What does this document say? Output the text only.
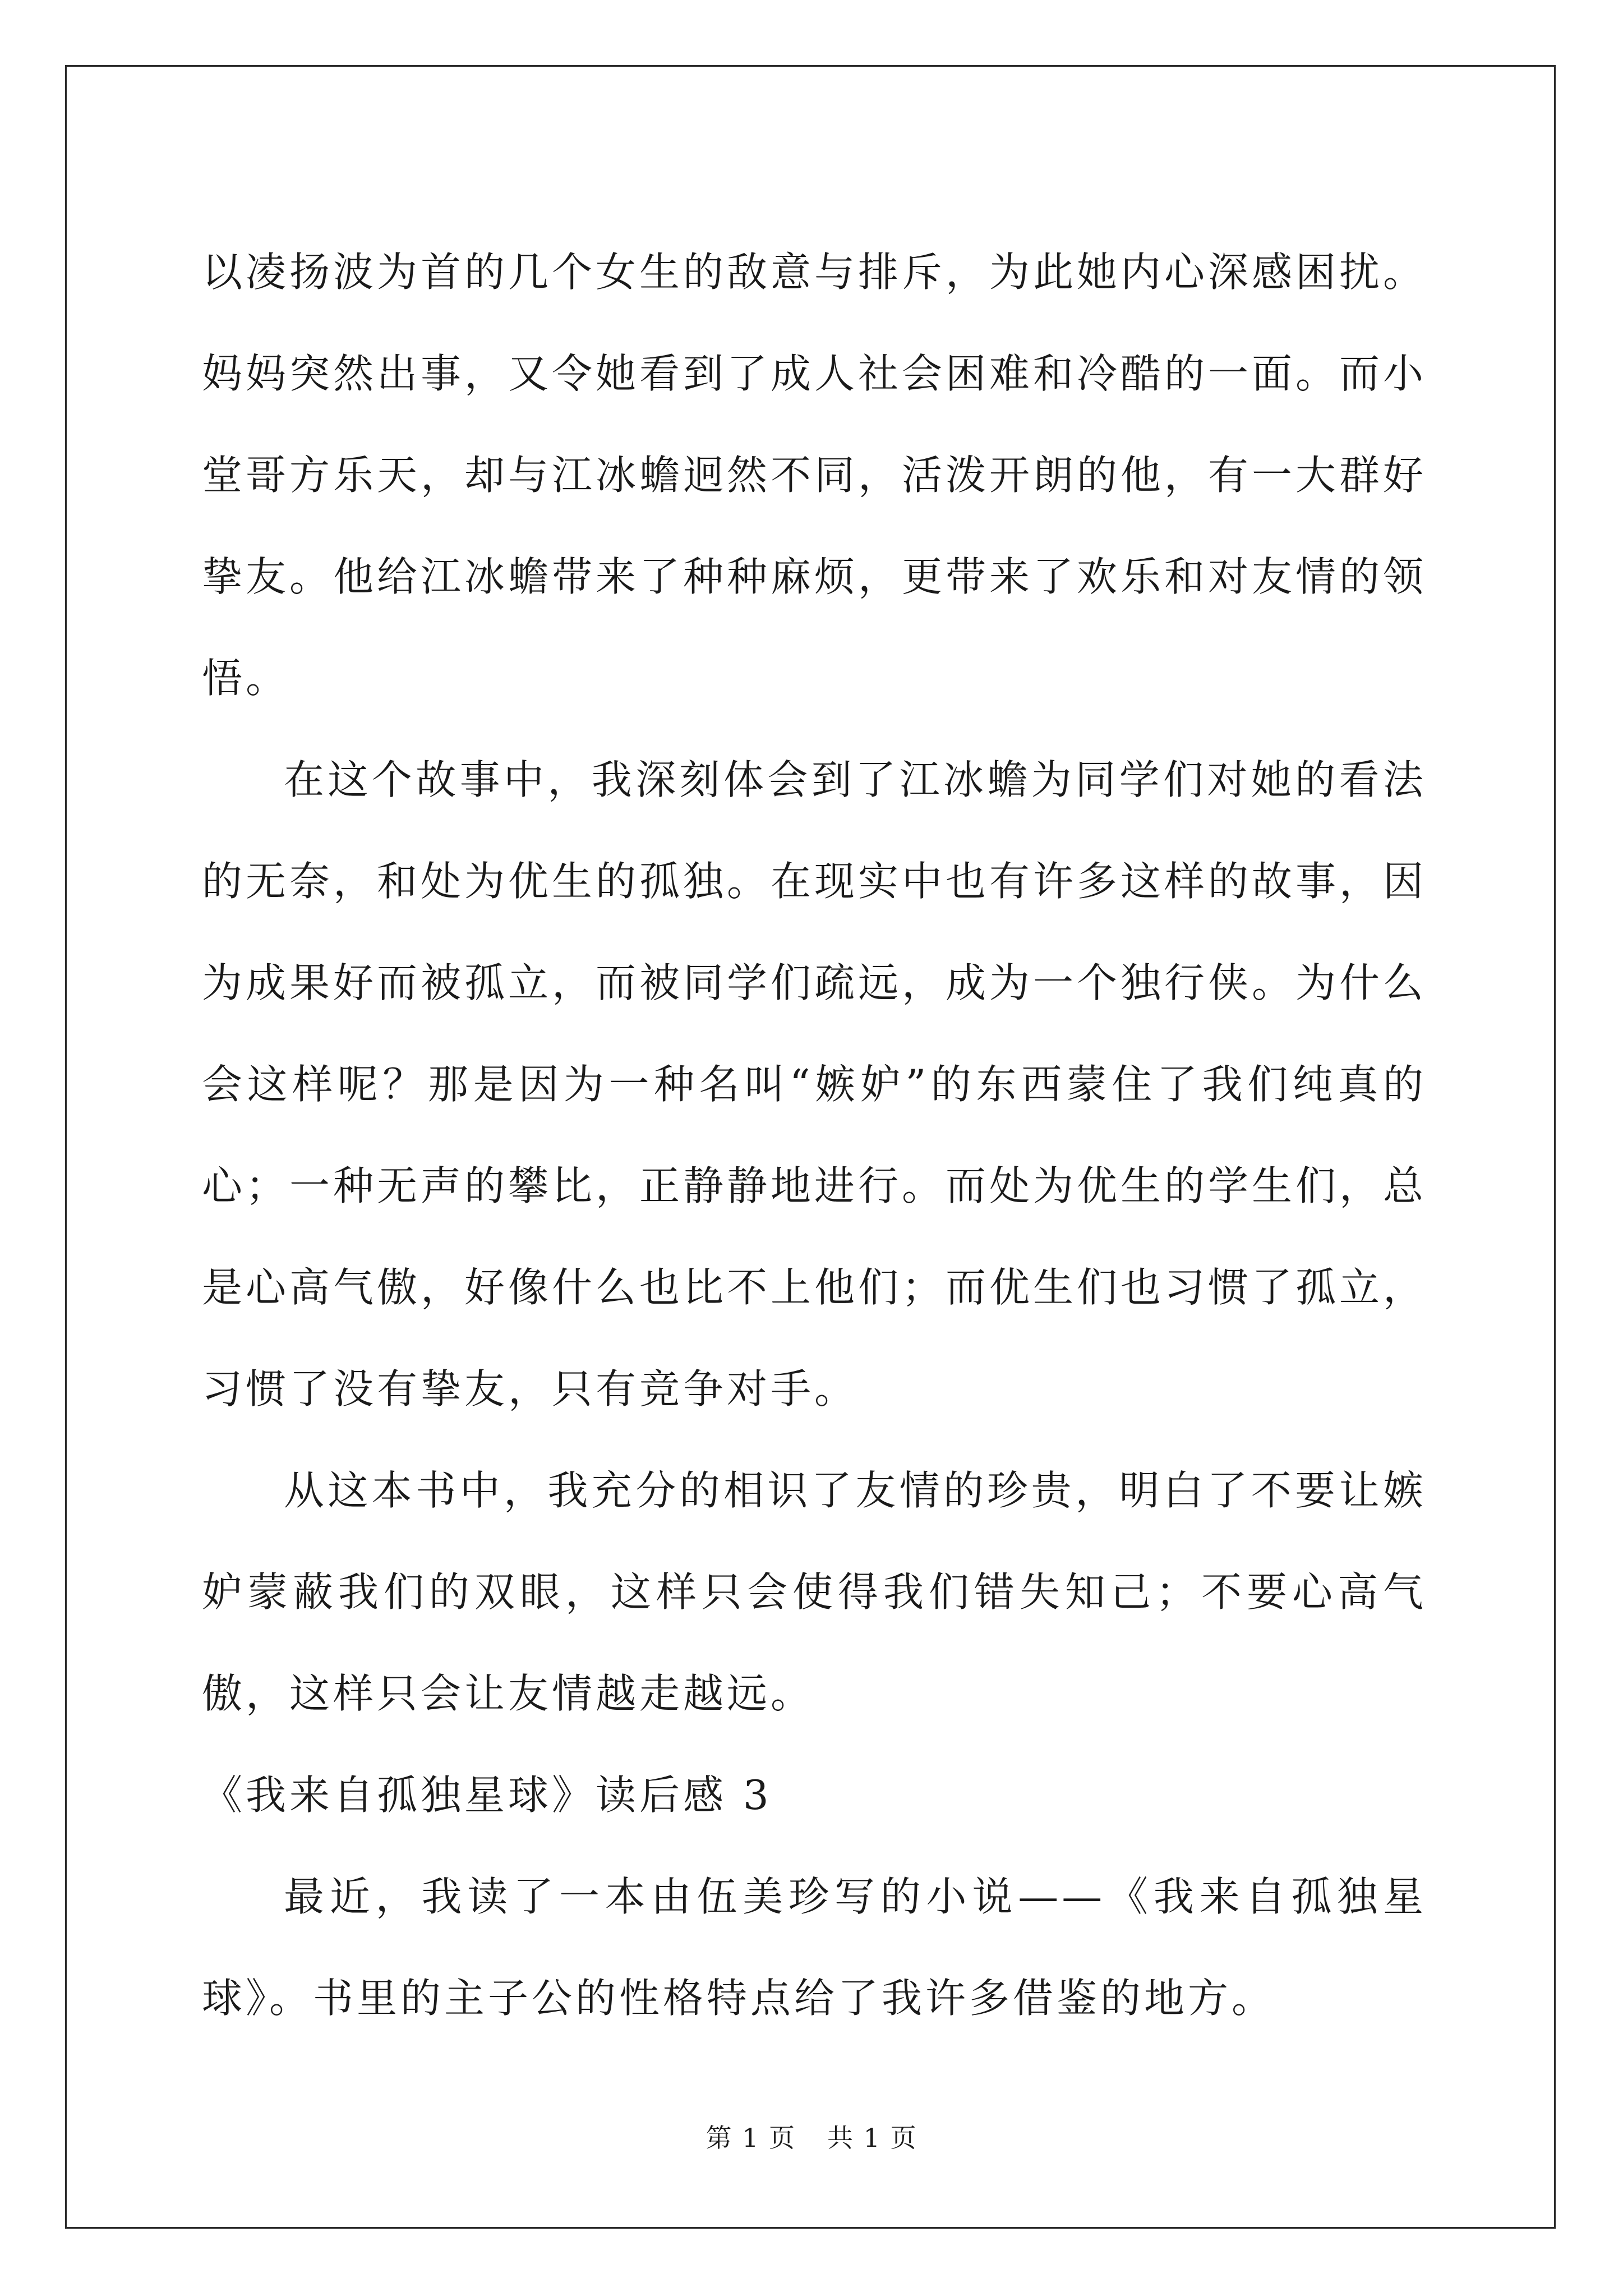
以凌扬波为首的几个女生的敌意与排斥，为此她内心深感困扰。妈妈突然出事，又令她看到了成人社会困难和冷酷的一面。而小堂哥方乐天，却与江冰蟾迥然不同，活泼开朗的他，有一大群好挚友。他给江冰蟾带来了种种麻烦，更带来了欢乐和对友情的领悟。

在这个故事中，我深刻体会到了江冰蟾为同学们对她的看法的无奈，和处为优生的孤独。在现实中也有许多这样的故事，因为成果好而被孤立，而被同学们疏远，成为一个独行侠。为什么会这样呢？那是因为一种名叫“嫉妒”的东西蒙住了我们纯真的心；一种无声的攀比，正静静地进行。而处为优生的学生们，总是心高气傲，好像什么也比不上他们；而优生们也习惯了孤立，习惯了没有挚友，只有竞争对手。

从这本书中，我充分的相识了友情的珍贵，明白了不要让嫉妒蒙蔽我们的双眼，这样只会使得我们错失知己；不要心高气傲，这样只会让友情越走越远。

《我来自孤独星球》读后感 3

最近，我读了一本由伍美珍写的小说——《我来自孤独星球》。书里的主子公的性格特点给了我许多借鉴的地方。

第 1 页 共 1 页
